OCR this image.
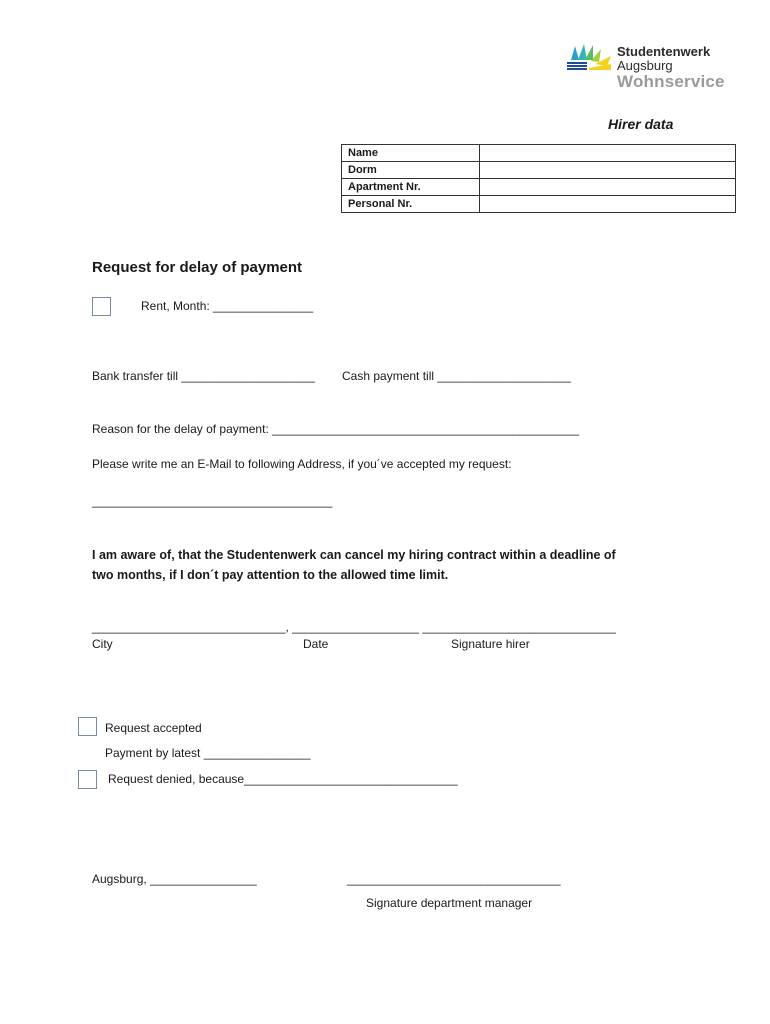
Studentenwerk
Augsburg
Wohnservice
Hirer data
Name	
Dorm	
Apartment Nr.	
Personal Nr.	
Request for delay of payment
Rent, Month: _______________
Bank transfer till ____________________ Cash payment till ____________________
Reason for the delay of payment: ______________________________________________
Please write me an E-Mail to following Address, if you´ve accepted my request:
____________________________________
I am aware of, that the Studentenwerk can cancel my hiring contract within a deadline of
two months, if I don´t pay attention to the allowed time limit.
_____________________________, ___________________ _____________________________
City	Date	Signature hirer
Request accepted
Payment by latest ________________
Request denied, because________________________________
Augsburg, ________________	________________________________
Signature department manager
